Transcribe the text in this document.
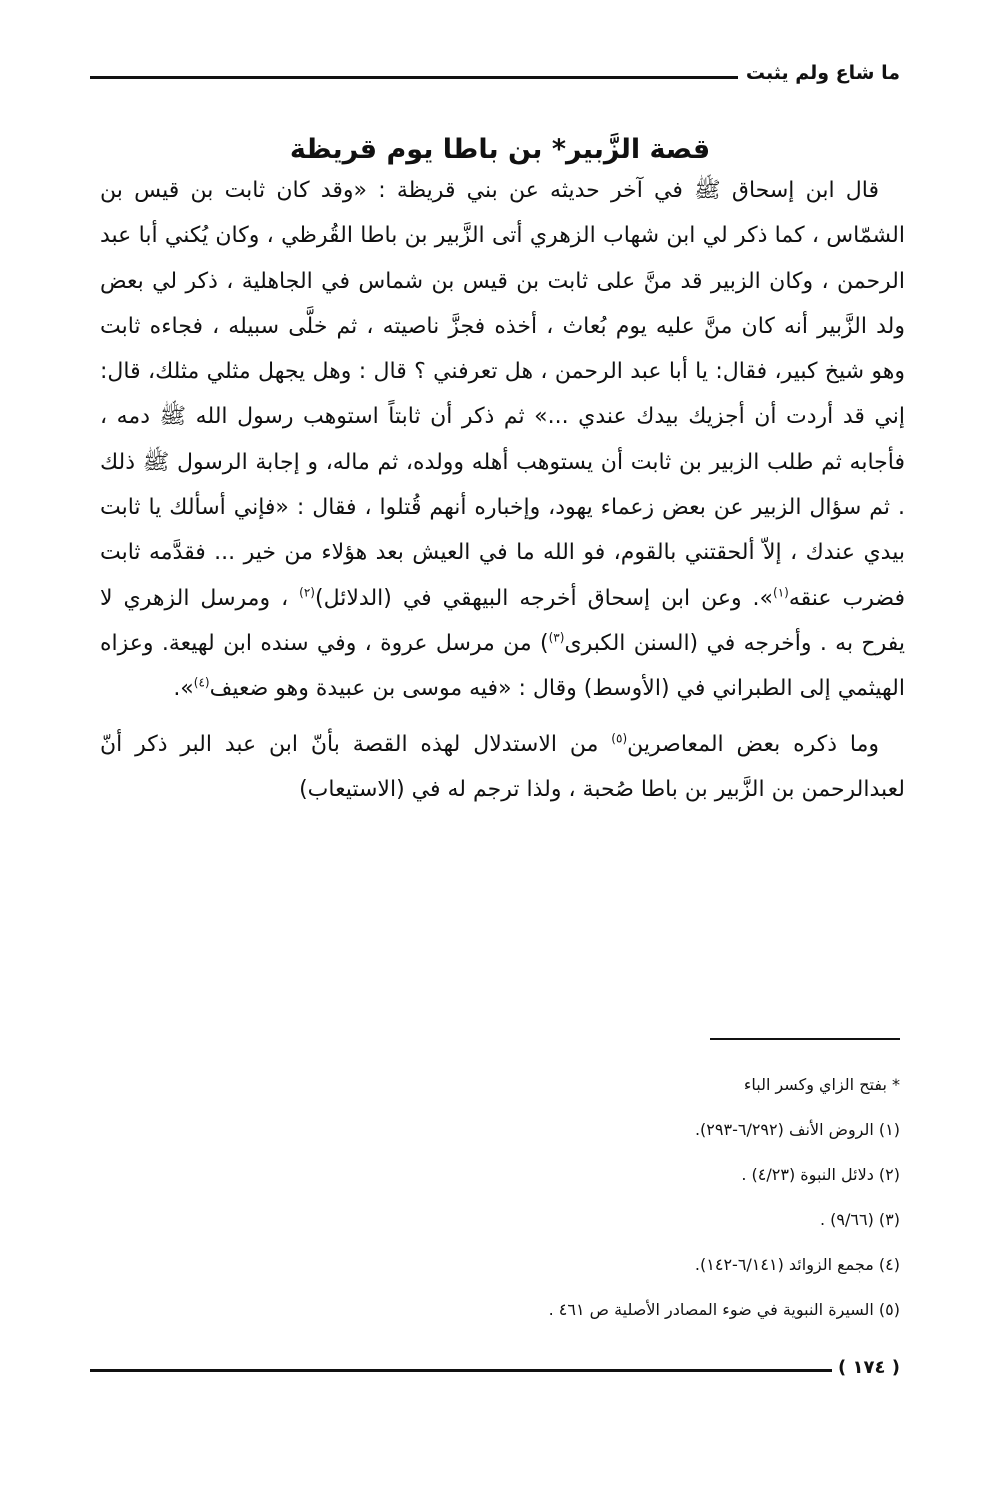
ما شاع ولم يثبت
قصة الزَّبير* بن باطا يوم قريظة

قال ابن إسحاق ﷺ في آخر حديثه عن بني قريظة : «وقد كان ثابت بن قيس بن الشمّاس ، كما ذكر لي ابن شهاب الزهري أتى الزَّبير بن باطا القُرظي ، وكان يُكني أبا عبد الرحمن ، وكان الزبير قد منَّ على ثابت بن قيس بن شماس في الجاهلية ، ذكر لي بعض ولد الزَّبير أنه كان منَّ عليه يوم بُعاث ، أخذه فجزَّ ناصيته ، ثم خلَّى سبيله ، فجاءه ثابت وهو شيخ كبير، فقال: يا أبا عبد الرحمن ، هل تعرفني ؟ قال : وهل يجهل مثلي مثلك، قال: إني قد أردت أن أجزيك بيدك عندي ...» ثم ذكر أن ثابتاً استوهب رسول الله ﷺ دمه ، فأجابه ثم طلب الزبير بن ثابت أن يستوهب أهله وولده، ثم ماله، و إجابة الرسول ﷺ ذلك . ثم سؤال الزبير عن بعض زعماء يهود، وإخباره أنهم قُتلوا ، فقال : «فإني أسألك يا ثابت بيدي عندك ، إلاّ ألحقتني بالقوم، فو الله ما في العيش بعد هؤلاء من خير ... فقدَّمه ثابت فضرب عنقه$^{(١)}$». وعن ابن إسحاق أخرجه البيهقي في (الدلائل)$^{(٢)}$ ، ومرسل الزهري لا يفرح به . وأخرجه في (السنن الكبرى$^{(٣)}$) من مرسل عروة ، وفي سنده ابن لهيعة. وعزاه الهيثمي إلى الطبراني في (الأوسط) وقال : «فيه موسى بن عبيدة وهو ضعيف$^{(٤)}$».

وما ذكره بعض المعاصرين$^{(٥)}$ من الاستدلال لهذه القصة بأنّ ابن عبد البر ذكر أنّ لعبدالرحمن بن الزَّبير بن باطا صُحبة ، ولذا ترجم له في (الاستيعاب)

* بفتح الزاي وكسر الباء

(١) الروض الأنف (٦/٢٩٢-٢٩٣).

(٢) دلائل النبوة (٤/٢٣) .

(٣) (٩/٦٦) .

(٤) مجمع الزوائد (٦/١٤١-١٤٢).

(٥) السيرة النبوية في ضوء المصادر الأصلية ص ٤٦١ .

( ١٧٤ )
